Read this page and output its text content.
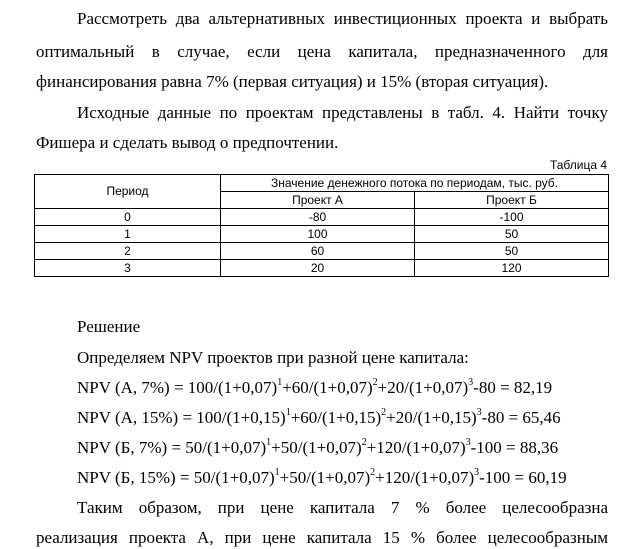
Рассмотреть два альтернативных инвестиционных проекта и выбрать
оптимальный в случае, если цена капитала, предназначенного для
финансирования равна 7% (первая ситуация) и 15% (вторая ситуация).
Исходные данные по проектам представлены в табл. 4. Найти точку
Фишера и сделать вывод о предпочтении.
Таблица 4
Период	Значение денежного потока по периодам, тыс. руб.	
	Проект А	Проект Б
0	-80	-100
1	100	50
2	60	50
3	20	120
Решение
Определяем NPV проектов при разной цене капитала:
NPV (А, $7\%) = 100/(1+0,07)^1+60/(1+0,07)^2+20/(1+0,07)^3-80 = 82,19$
NPV (А, $15\%) = 100/(1+0,15)^1+60/(1+0,15)^2+20/(1+0,15)^3-80 = 65,46$
NPV (Б, $7\%) = 50/(1+0,07)^1+50/(1+0,07)^2+120/(1+0,07)^3-100 = 88,36$
NPV (Б, $15\%) = 50/(1+0,07)^1+50/(1+0,07)^2+120/(1+0,07)^3-100 = 60,19$
Таким образом, при цене капитала 7 % более целесообразна
реализация проекта А, при цене капитала 15 % более целесообразным
